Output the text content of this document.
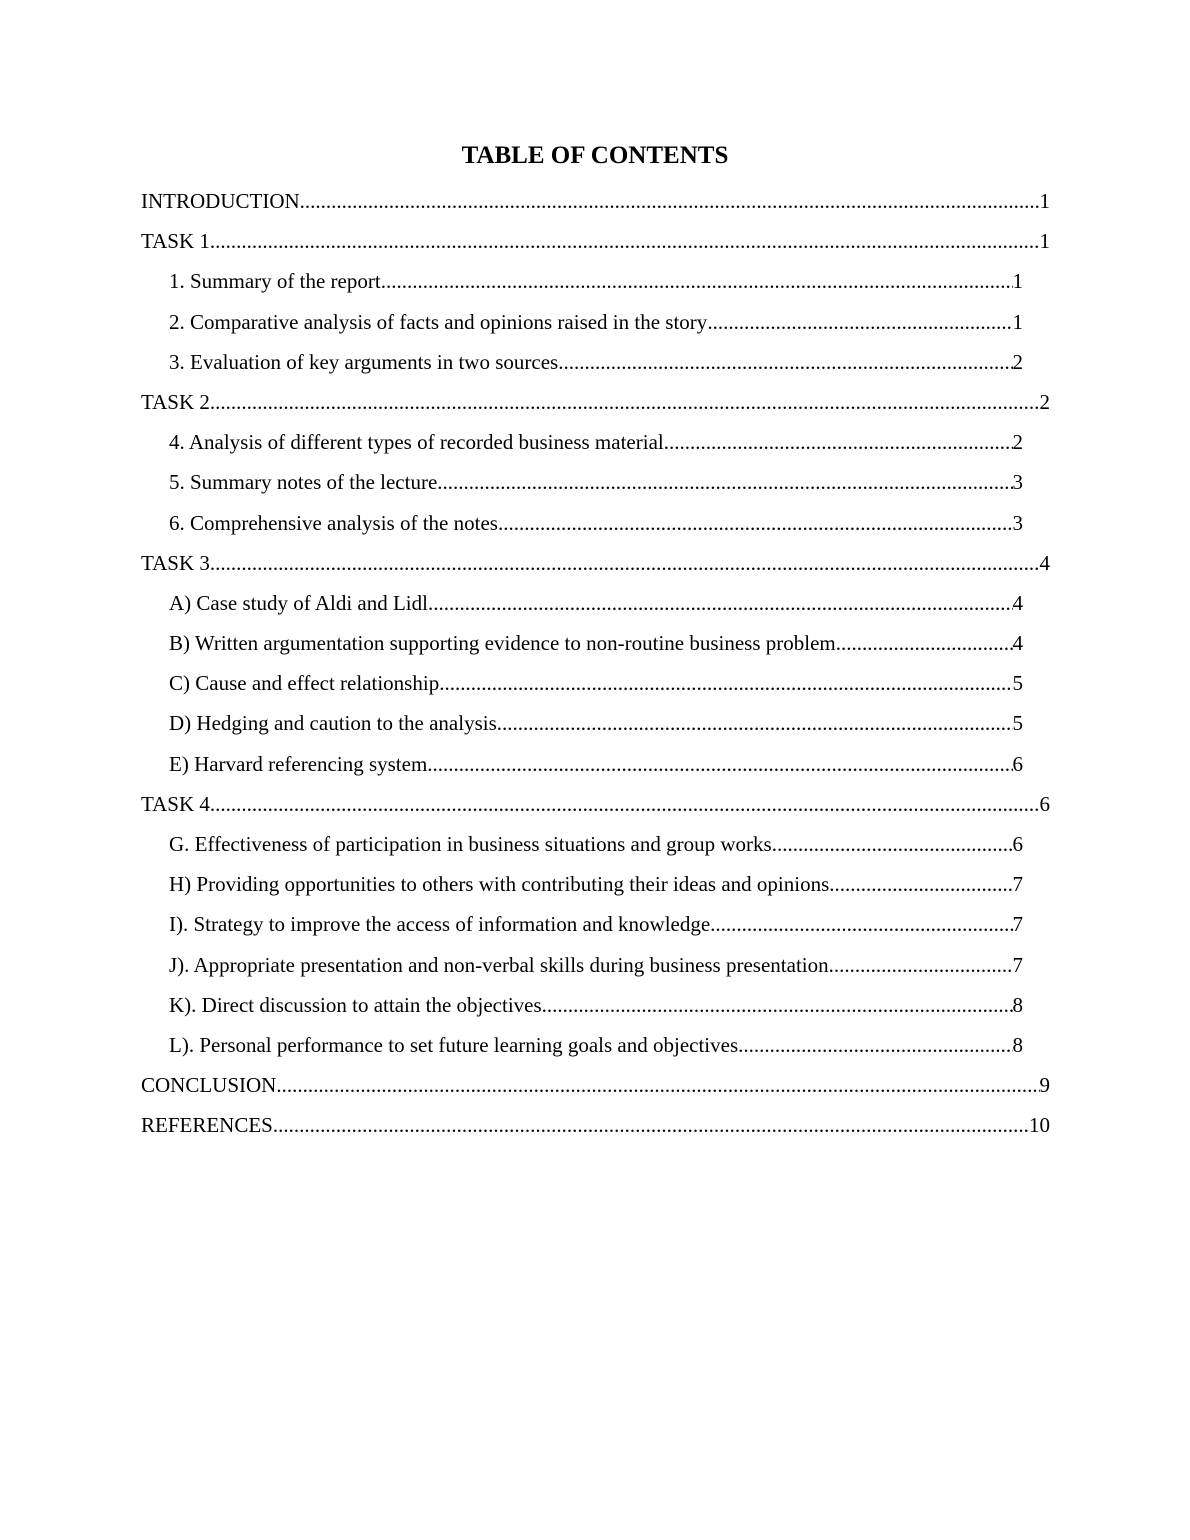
TABLE OF CONTENTS
INTRODUCTION .....	1
TASK 1 .....	1
1. Summary of the report .....	1
2. Comparative analysis of facts and opinions raised in the story .....	1
3. Evaluation of key arguments in two sources .....	2
TASK 2 .....	2
4. Analysis of different types of recorded business material .....	2
5. Summary notes of the lecture .....	3
6. Comprehensive analysis of the notes .....	3
TASK 3 .....	4
A) Case study of Aldi and Lidl .....	4
B) Written argumentation supporting evidence to non-routine business problem .....	4
C) Cause and effect relationship .....	5
D) Hedging and caution to the analysis .....	5
E) Harvard referencing system .....	6
TASK 4 .....	6
G. Effectiveness of participation in business situations and group works .....	6
H) Providing opportunities to others with contributing their ideas and opinions .....	7
I). Strategy to improve the access of information and knowledge .....	7
J). Appropriate presentation and non-verbal skills during business presentation .....	7
K). Direct discussion to attain the objectives .....	8
L). Personal performance to set future learning goals and objectives .....	8
CONCLUSION .....	9
REFERENCES .....	10
